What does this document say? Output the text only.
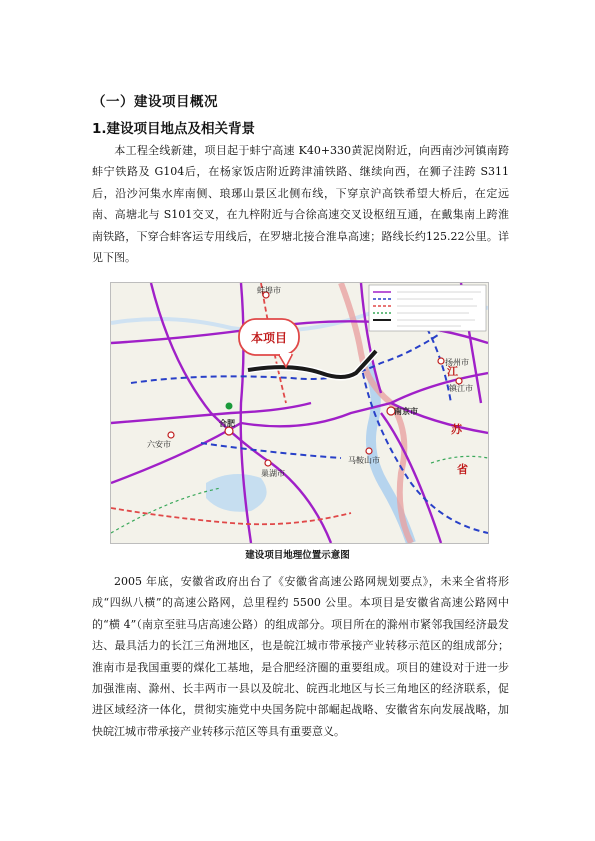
（一）建设项目概况
1.建设项目地点及相关背景

本工程全线新建，项目起于蚌宁高速 K40+330黄泥岗附近，向西南沙河镇南跨蚌宁铁路及 G104后，在杨家饭店附近跨津浦铁路、继续向西，在狮子洼跨 S311后，沿沙河集水库南侧、琅琊山景区北侧布线，下穿京沪高铁希望大桥后，在定远南、高塘北与 S101交叉，在九梓附近与合徐高速交叉设枢纽互通，在戴集南上跨淮南铁路，下穿合蚌客运专用线后，在罗塘北接合淮阜高速；路线长约125.22公里。详见下图。

蚌埠市
六安市
合肥
巢湖市
南京市
马鞍山市
扬州市
镇江市
江
苏
省
本项目
建设项目地理位置示意图

2005 年底，安徽省政府出台了《安徽省高速公路网规划要点》，未来全省将形成“四纵八横”的高速公路网，总里程约 5500 公里。本项目是安徽省高速公路网中的“横 4”（南京至驻马店高速公路）的组成部分。项目所在的滁州市紧邻我国经济最发达、最具活力的长江三角洲地区，也是皖江城市带承接产业转移示范区的组成部分；淮南市是我国重要的煤化工基地，是合肥经济圈的重要组成。项目的建设对于进一步加强淮南、滁州、长丰两市一县以及皖北、皖西北地区与长三角地区的经济联系，促进区域经济一体化，贯彻实施党中央国务院中部崛起战略、安徽省东向发展战略，加快皖江城市带承接产业转移示范区等具有重要意义。
